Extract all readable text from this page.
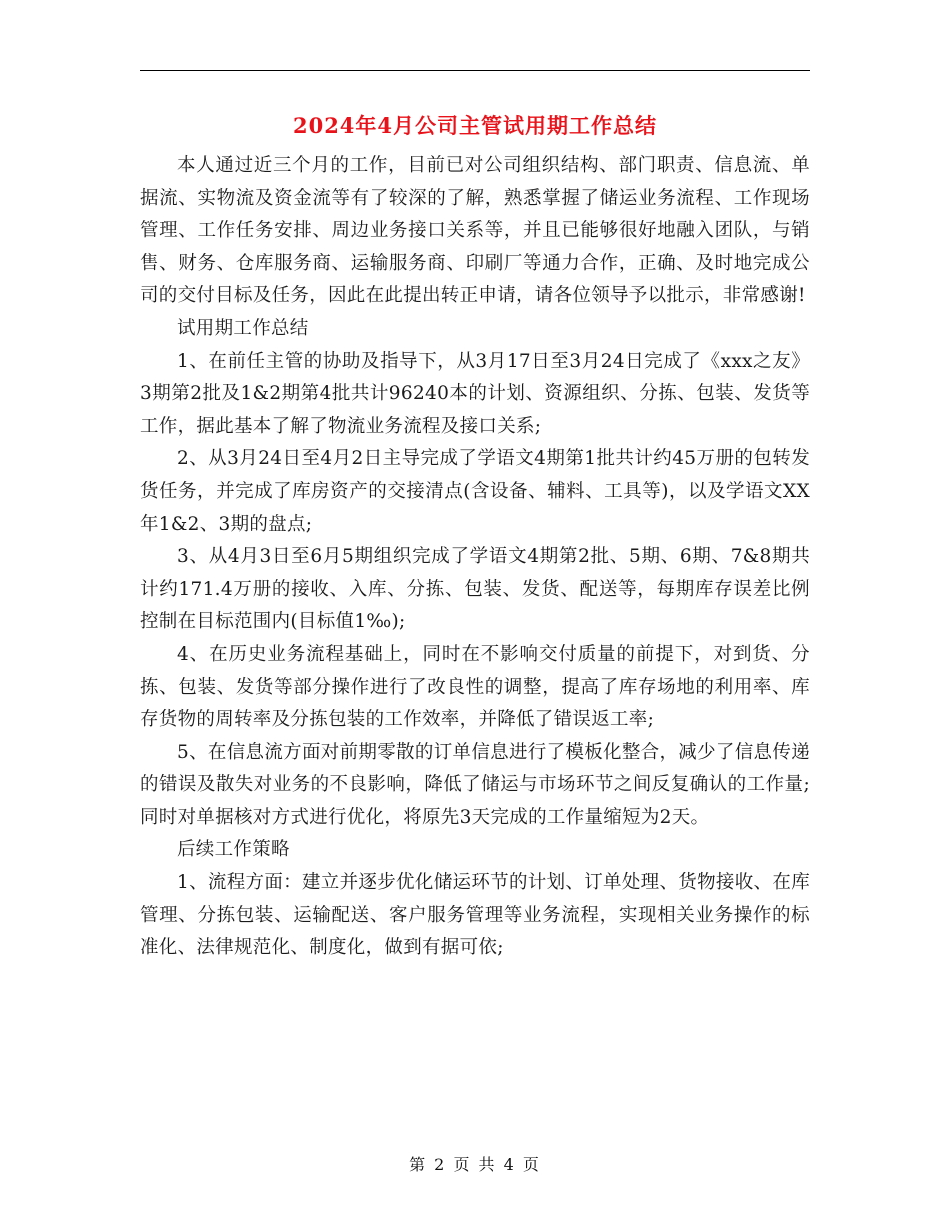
2024年4月公司主管试用期工作总结

本人通过近三个月的工作，目前已对公司组织结构、部门职责、信息流、单据流、实物流及资金流等有了较深的了解，熟悉掌握了储运业务流程、工作现场管理、工作任务安排、周边业务接口关系等，并且已能够很好地融入团队，与销售、财务、仓库服务商、运输服务商、印刷厂等通力合作，正确、及时地完成公司的交付目标及任务，因此在此提出转正申请，请各位领导予以批示，非常感谢!

试用期工作总结

1、在前任主管的协助及指导下，从3月17日至3月24日完成了《xxx之友》3期第2批及1&2期第4批共计96240本的计划、资源组织、分拣、包装、发货等工作，据此基本了解了物流业务流程及接口关系;

2、从3月24日至4月2日主导完成了学语文4期第1批共计约45万册的包转发货任务，并完成了库房资产的交接清点(含设备、辅料、工具等)，以及学语文XX年1&2、3期的盘点;

3、从4月3日至6月5期组织完成了学语文4期第2批、5期、6期、7&8期共计约171.4万册的接收、入库、分拣、包装、发货、配送等，每期库存误差比例控制在目标范围内(目标值1‰);

4、在历史业务流程基础上，同时在不影响交付质量的前提下，对到货、分拣、包装、发货等部分操作进行了改良性的调整，提高了库存场地的利用率、库存货物的周转率及分拣包装的工作效率，并降低了错误返工率;

5、在信息流方面对前期零散的订单信息进行了模板化整合，减少了信息传递的错误及散失对业务的不良影响，降低了储运与市场环节之间反复确认的工作量;同时对单据核对方式进行优化，将原先3天完成的工作量缩短为2天。

后续工作策略

1、流程方面：建立并逐步优化储运环节的计划、订单处理、货物接收、在库管理、分拣包装、运输配送、客户服务管理等业务流程，实现相关业务操作的标准化、法律规范化、制度化，做到有据可依;

第 2 页 共 4 页
